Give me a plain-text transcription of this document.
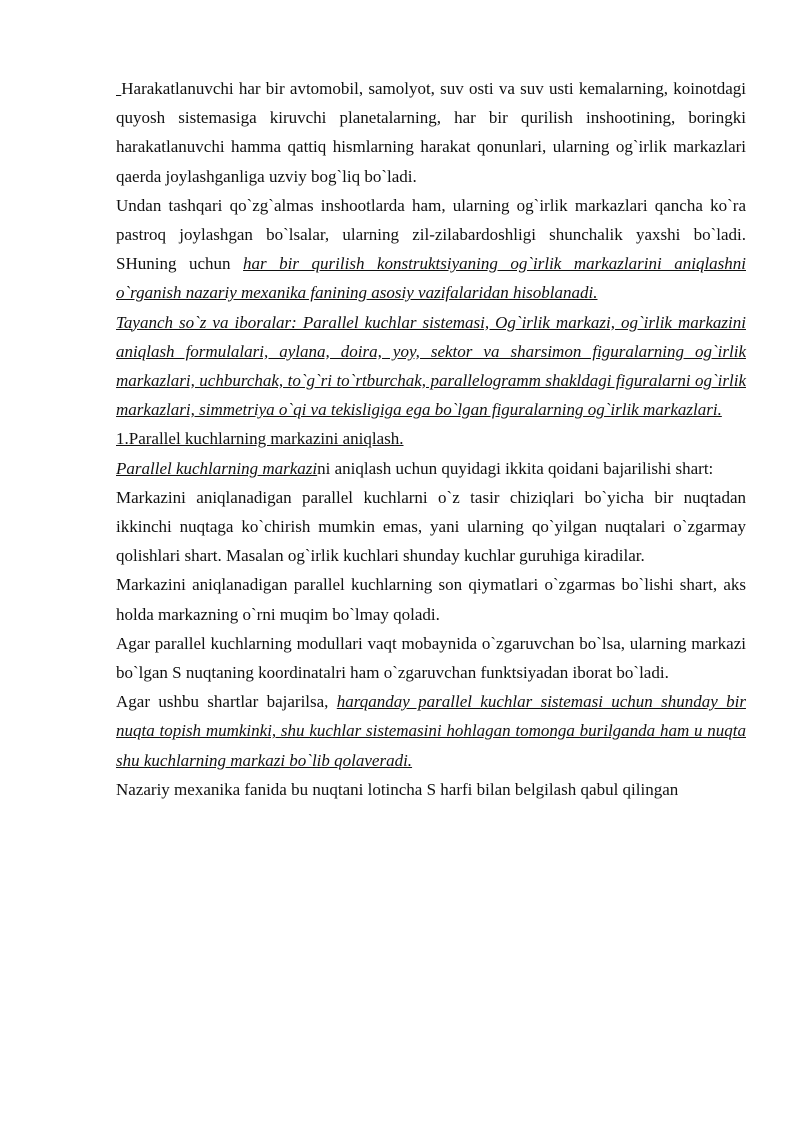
Harakatlanuvchi har bir avtomobil, samolyot, suv osti va suv usti kemalarning, koinotdagi quyosh sistemasiga kiruvchi planetalarning, har bir qurilish inshootining, boringki harakatlanuvchi hamma qattiq hismlarning harakat qonunlari, ularning og`irlik markazlari qaerda joylashganliga uzviy bog`liq bo`ladi.

Undan tashqari qo`zg`almas inshootlarda ham, ularning og`irlik markazlari qancha ko`ra pastroq joylashgan bo`lsalar, ularning zil-zilabardoshligi shunchalik yaxshi bo`ladi. SHuning uchun har bir qurilish konstruktsiyaning og`irlik markazlarini aniqlashni o`rganish nazariy mexanika fanining asosiy vazifalaridan hisoblanadi.

Tayanch so`z va iboralar: Parallel kuchlar sistemasi, Og`irlik markazi, og`irlik markazini aniqlash formulalari, aylana, doira, yoy, sektor va sharsimon figuralarning og`irlik markazlari, uchburchak, to`g`ri to`rtburchak, parallelogramm shakldagi figuralarni og`irlik markazlari, simmetriya o`qi va tekisligiga ega bo`lgan figuralarning og`irlik markazlari.

1.Parallel kuchlarning markazini aniqlash.

Parallel kuchlarning markazini aniqlash uchun quyidagi ikkita qoidani bajarilishi shart:

Markazini aniqlanadigan parallel kuchlarni o`z tasir chiziqlari bo`yicha bir nuqtadan ikkinchi nuqtaga ko`chirish mumkin emas, yani ularning qo`yilgan nuqtalari o`zgarmay qolishlari shart. Masalan og`irlik kuchlari shunday kuchlar guruhiga kiradilar.

Markazini aniqlanadigan parallel kuchlarning son qiymatlari o`zgarmas bo`lishi shart, aks holda markazning o`rni muqim bo`lmay qoladi.

Agar parallel kuchlarning modullari vaqt mobaynida o`zgaruvchan bo`lsa, ularning markazi bo`lgan S nuqtaning koordinatalri ham o`zgaruvchan funktsiyadan iborat bo`ladi.

Agar ushbu shartlar bajarilsa, harqanday parallel kuchlar sistemasi uchun shunday bir nuqta topish mumkinki, shu kuchlar sistemasini hohlagan tomonga burilganda ham u nuqta shu kuchlarning markazi bo`lib qolaveradi.

Nazariy mexanika fanida bu nuqtani lotincha S harfi bilan belgilash qabul qilingan
